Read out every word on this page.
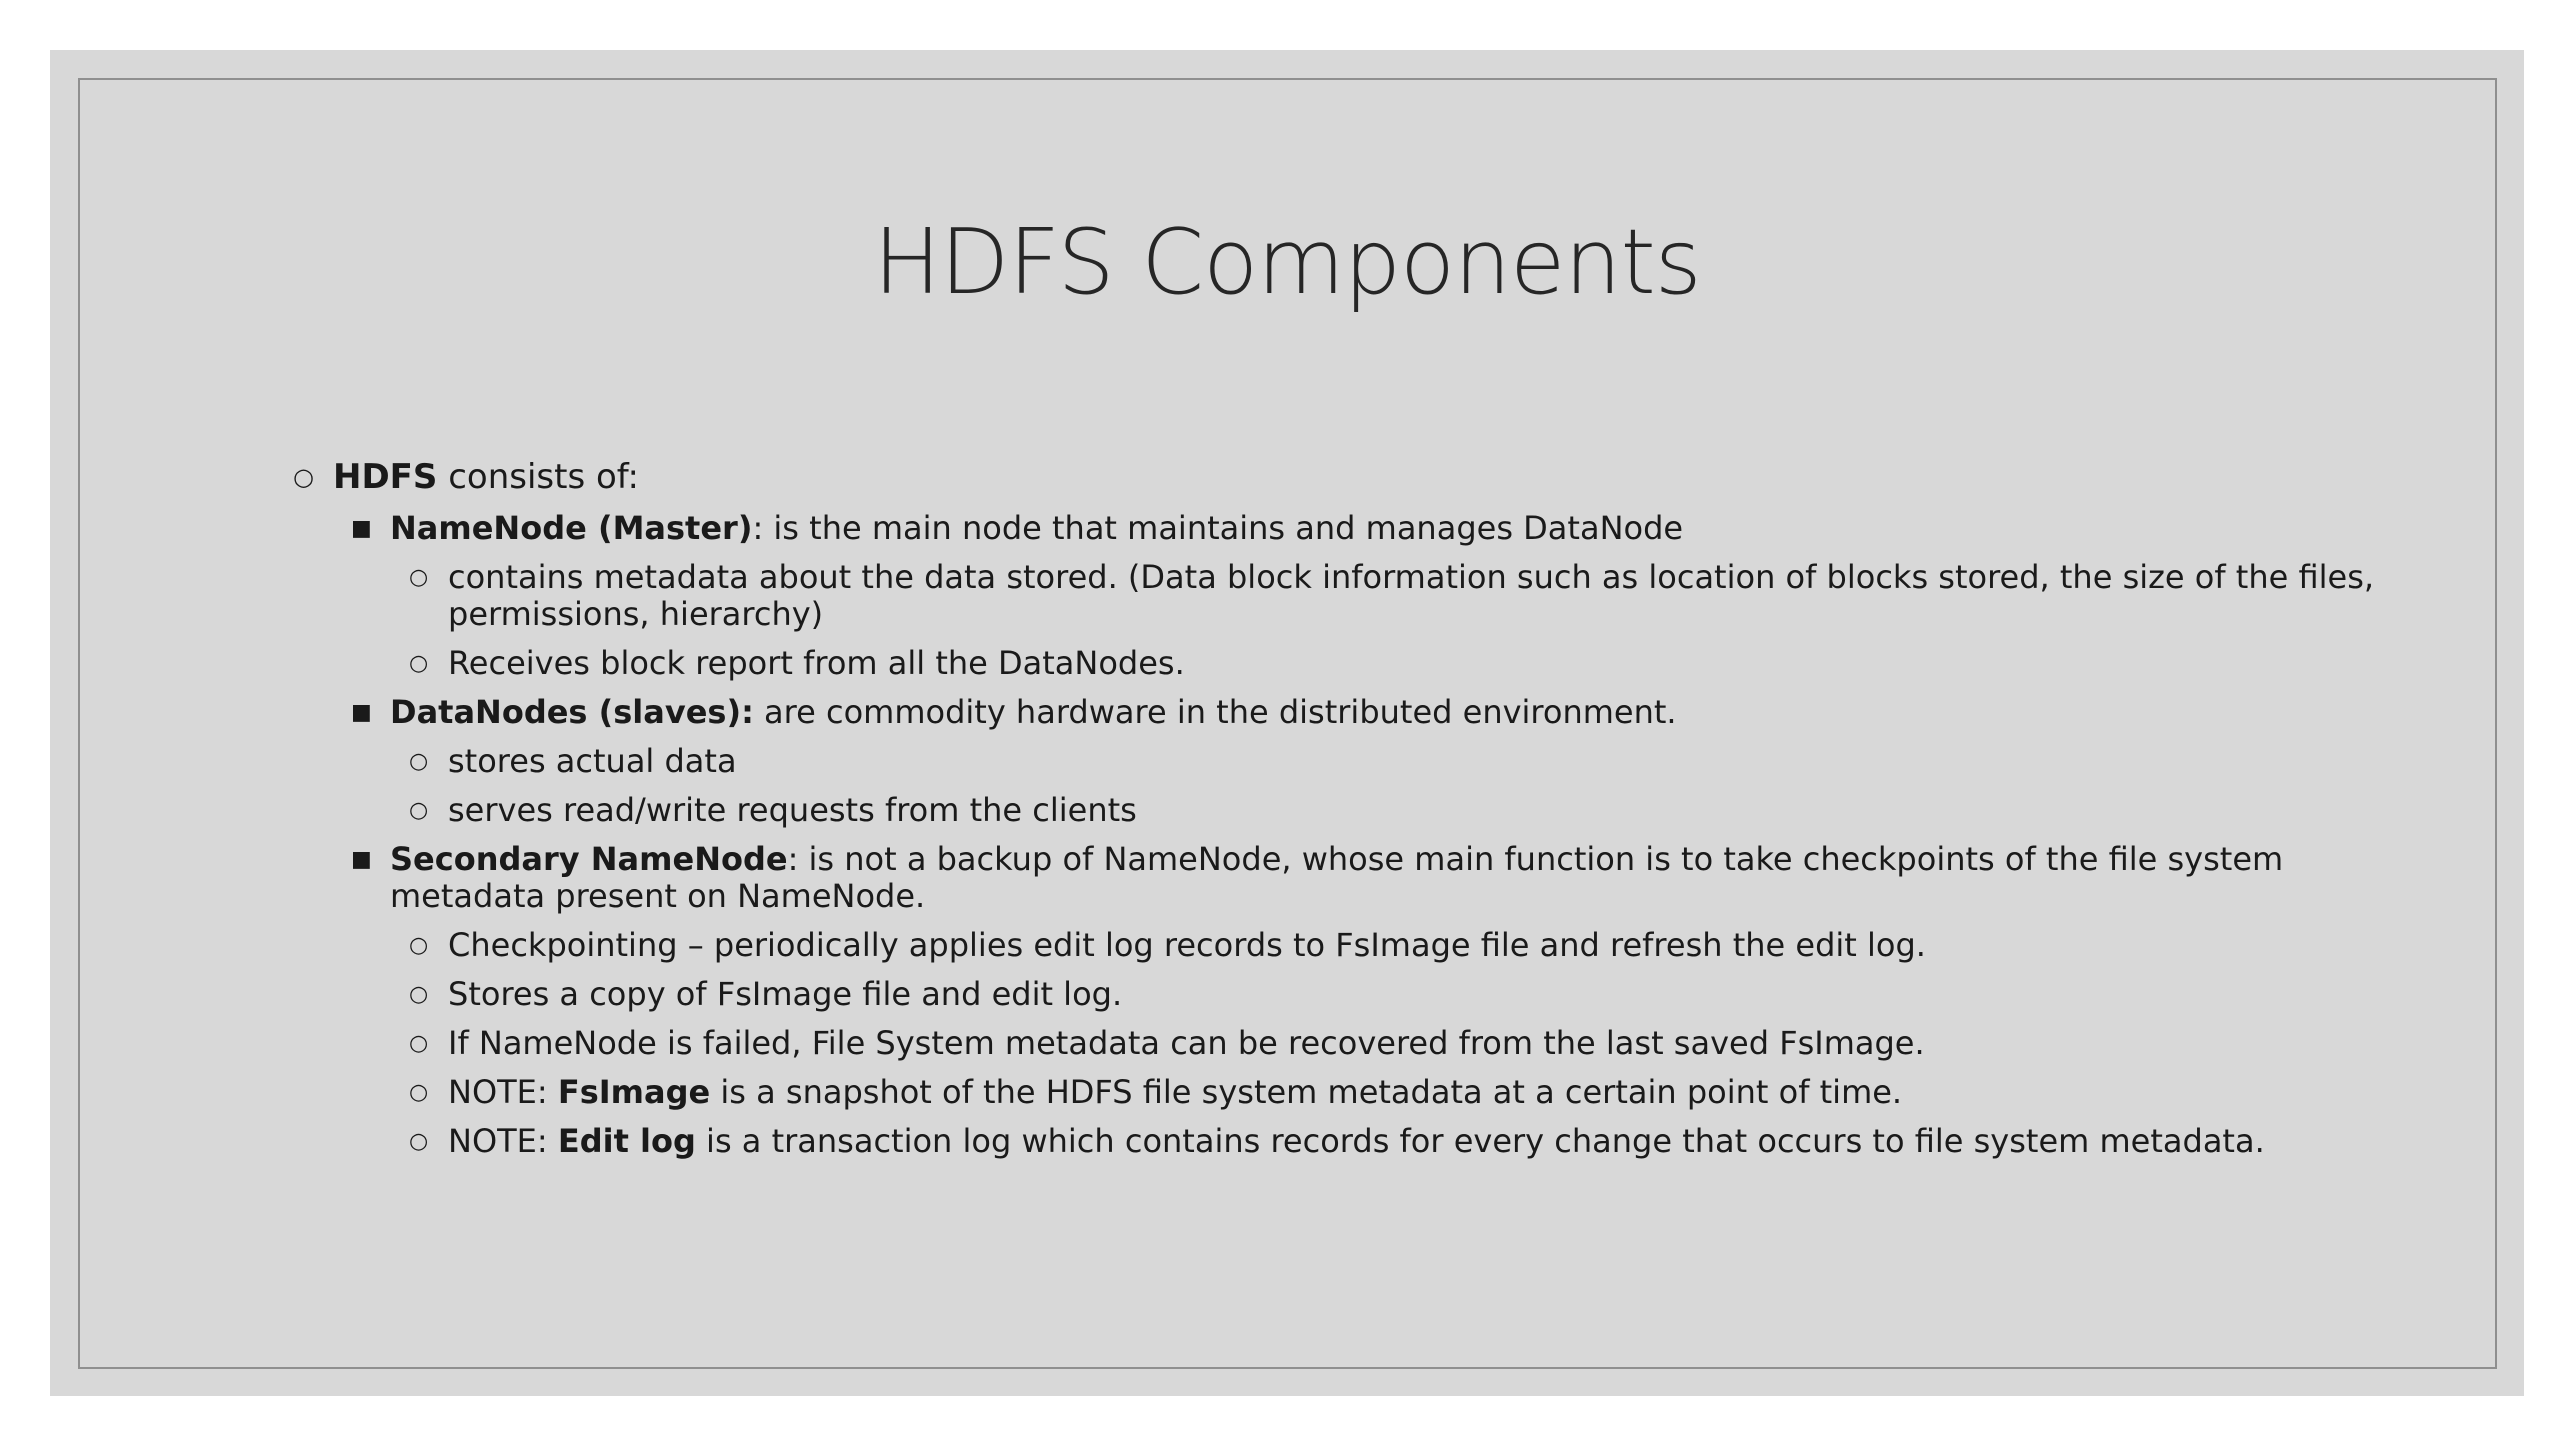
HDFS Components
○ HDFS consists of:
■ NameNode (Master): is the main node that maintains and manages DataNode
○ contains metadata about the data stored. (Data block information such as location of blocks stored, the size of the files, permissions, hierarchy)
○ Receives block report from all the DataNodes.
■ DataNodes (slaves): are commodity hardware in the distributed environment.
○ stores actual data
○ serves read/write requests from the clients
■ Secondary NameNode: is not a backup of NameNode, whose main function is to take checkpoints of the file system metadata present on NameNode.
○ Checkpointing – periodically applies edit log records to FsImage file and refresh the edit log.
○ Stores a copy of FsImage file and edit log.
○ If NameNode is failed, File System metadata can be recovered from the last saved FsImage.
○ NOTE: FsImage is a snapshot of the HDFS file system metadata at a certain point of time.
○ NOTE: Edit log is a transaction log which contains records for every change that occurs to file system metadata.
